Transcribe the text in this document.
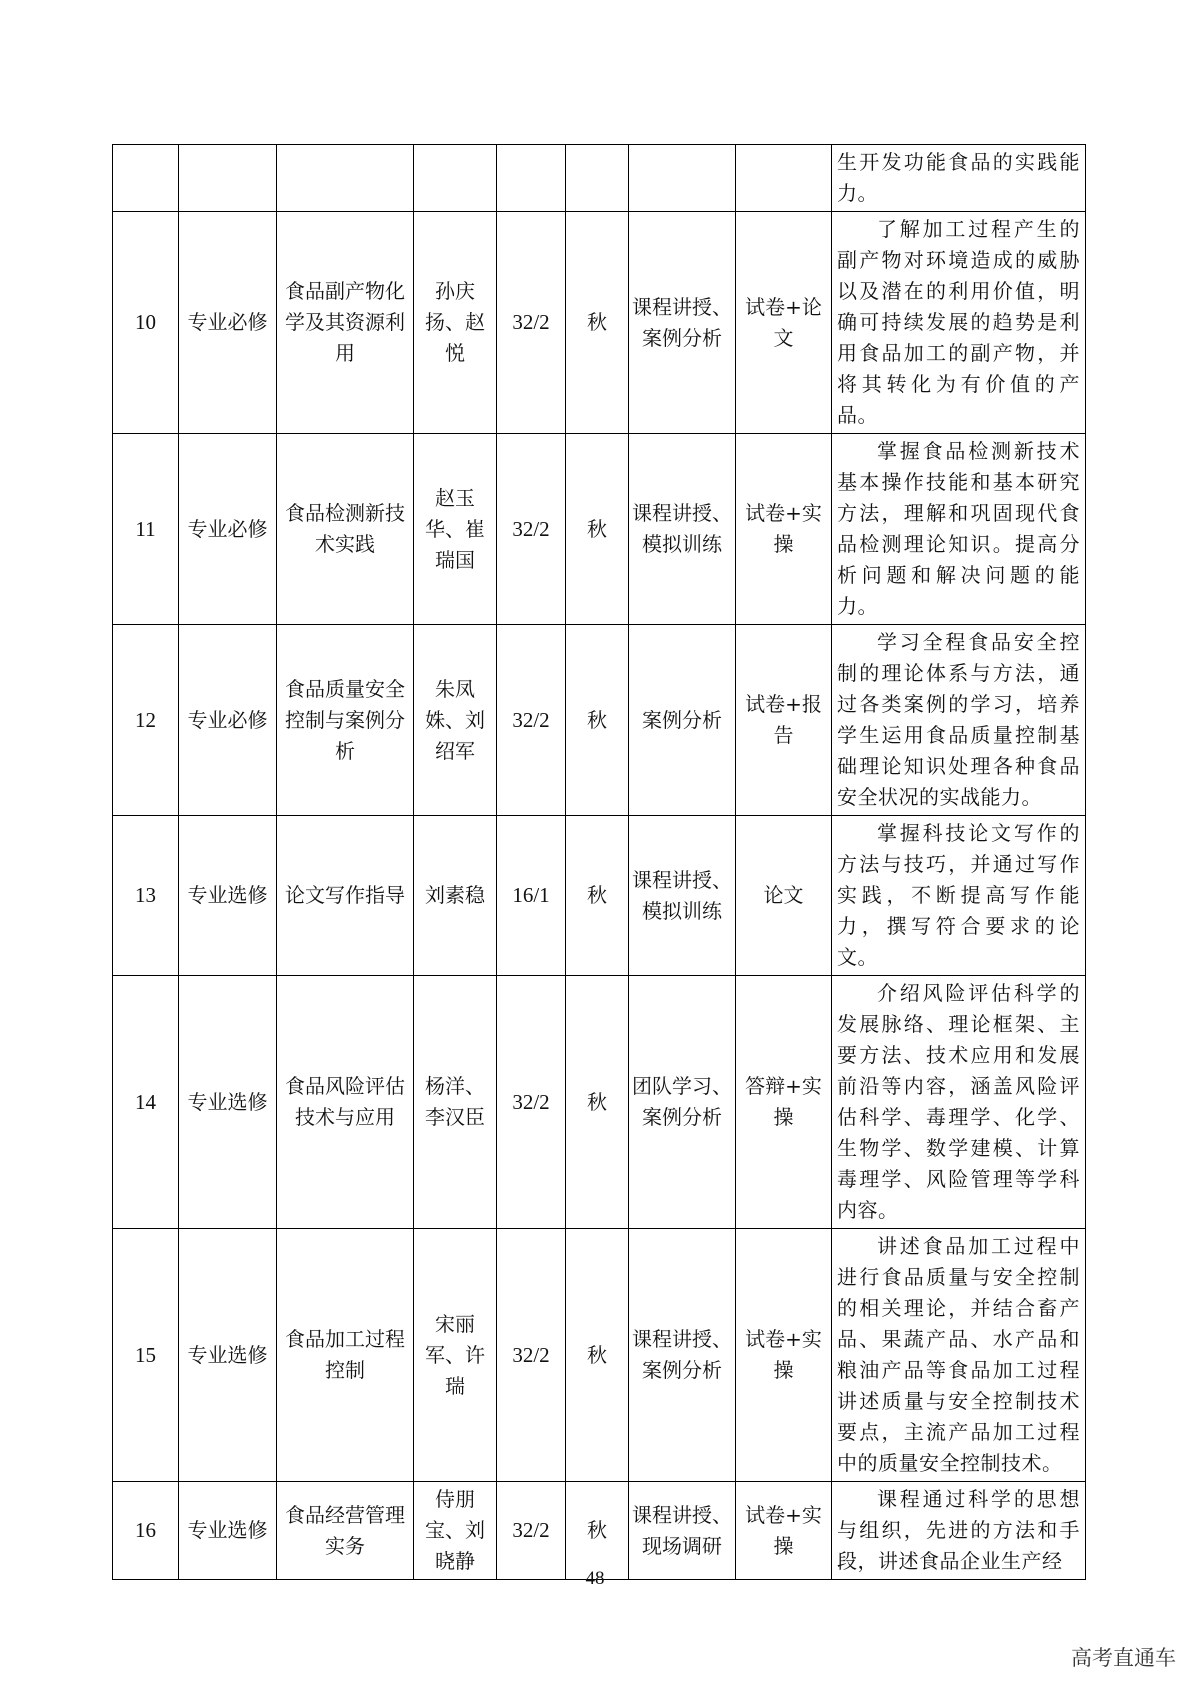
								生开发功能食品的实践能力。
10	专业必修	食品副产物化学及其资源利用	孙庆扬、赵悦	32/2	秋	课程讲授、案例分析	试卷+论文	了解加工过程产生的副产物对环境造成的威胁以及潜在的利用价值，明确可持续发展的趋势是利用食品加工的副产物，并将其转化为有价值的产品。

11	专业必修	食品检测新技术实践	赵玉华、崔瑞国	32/2	秋	课程讲授、模拟训练	试卷+实操	掌握食品检测新技术基本操作技能和基本研究方法，理解和巩固现代食品检测理论知识。提高分析问题和解决问题的能力。

12	专业必修	食品质量安全控制与案例分析	朱凤姝、刘绍军	32/2	秋	案例分析	试卷+报告	学习全程食品安全控制的理论体系与方法，通过各类案例的学习，培养学生运用食品质量控制基础理论知识处理各种食品安全状况的实战能力。

13	专业选修	论文写作指导	刘素稳	16/1	秋	课程讲授、模拟训练	论文	掌握科技论文写作的方法与技巧，并通过写作实践，不断提高写作能力，撰写符合要求的论文。

14	专业选修	食品风险评估技术与应用	杨洋、李汉臣	32/2	秋	团队学习、案例分析	答辩+实操	介绍风险评估科学的发展脉络、理论框架、主要方法、技术应用和发展前沿等内容，涵盖风险评估科学、毒理学、化学、生物学、数学建模、计算毒理学、风险管理等学科内容。

15	专业选修	食品加工过程控制	宋丽军、许瑞	32/2	秋	课程讲授、案例分析	试卷+实操	讲述食品加工过程中进行食品质量与安全控制的相关理论，并结合畜产品、果蔬产品、水产品和粮油产品等食品加工过程讲述质量与安全控制技术要点，主流产品加工过程中的质量安全控制技术。

16	专业选修	食品经营管理实务	侍朋宝、刘晓静	32/2	秋	课程讲授、现场调研	试卷+实操	课程通过科学的思想与组织，先进的方法和手段，讲述食品企业生产经
48
高考直通车
